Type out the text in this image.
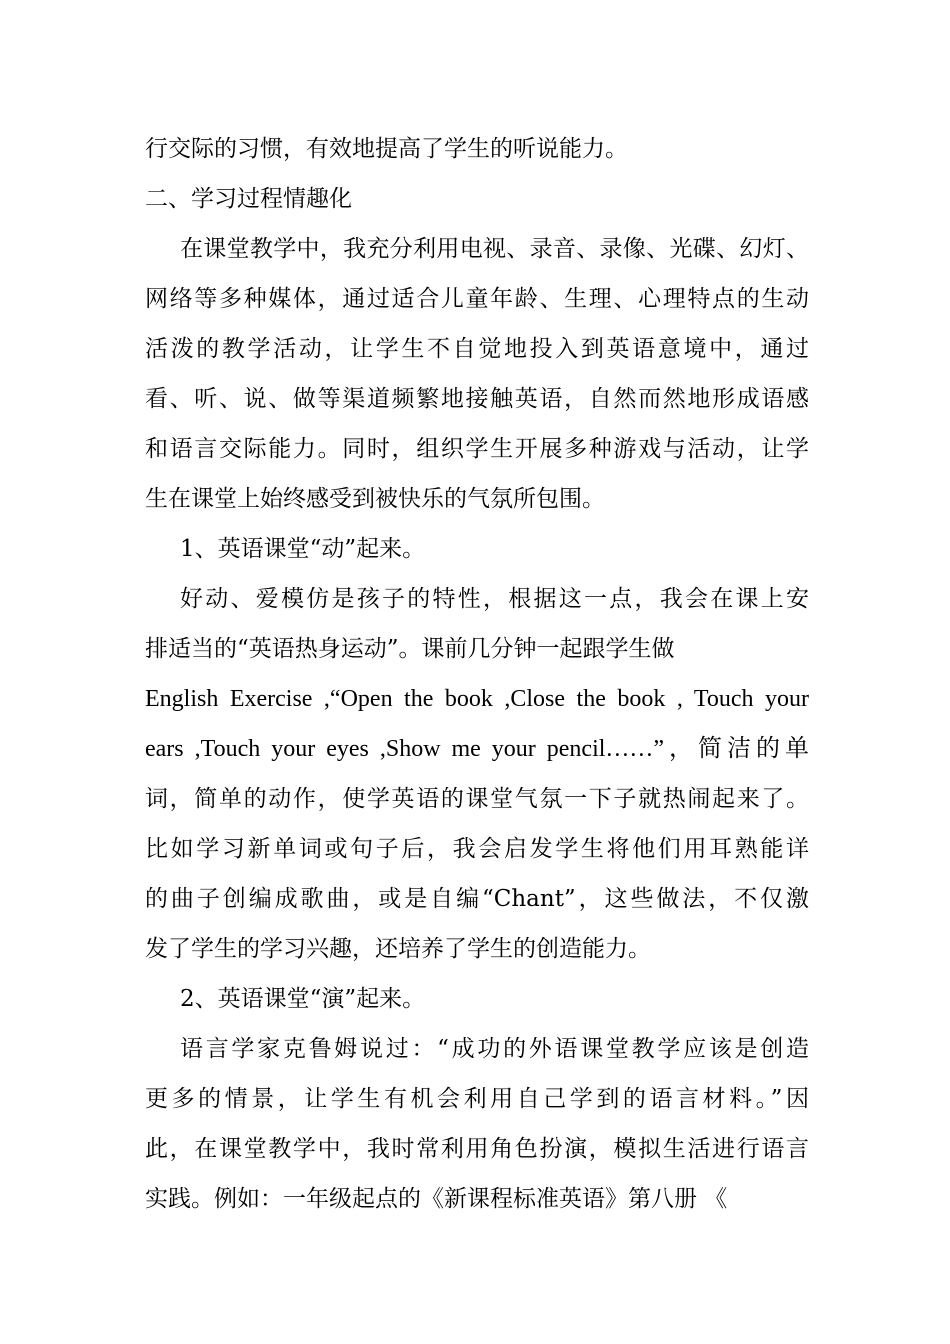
行交际的习惯，有效地提高了学生的听说能力。
二、学习过程情趣化
在课堂教学中，我充分利用电视、录音、录像、光碟、幻灯、
网络等多种媒体，通过适合儿童年龄、生理、心理特点的生动
活泼的教学活动，让学生不自觉地投入到英语意境中，通过
看、听、说、做等渠道频繁地接触英语，自然而然地形成语感
和语言交际能力。同时，组织学生开展多种游戏与活动，让学
生在课堂上始终感受到被快乐的气氛所包围。
1、英语课堂“动”起来。
好动、爱模仿是孩子的特性，根据这一点，我会在课上安
排适当的“英语热身运动”。课前几分钟一起跟学生做
English Exercise ,“Open the book ,Close the book , Touch your
ears ,Touch your eyes ,Show me your pencil……”，简洁的单
词，简单的动作，使学英语的课堂气氛一下子就热闹起来了。
比如学习新单词或句子后，我会启发学生将他们用耳熟能详
的曲子创编成歌曲，或是自编“Chant”，这些做法，不仅激
发了学生的学习兴趣，还培养了学生的创造能力。
2、英语课堂“演”起来。
语言学家克鲁姆说过：“成功的外语课堂教学应该是创造
更多的情景，让学生有机会利用自己学到的语言材料。”因
此，在课堂教学中，我时常利用角色扮演，模拟生活进行语言
实践。例如：一年级起点的《新课程标准英语》第八册 《
